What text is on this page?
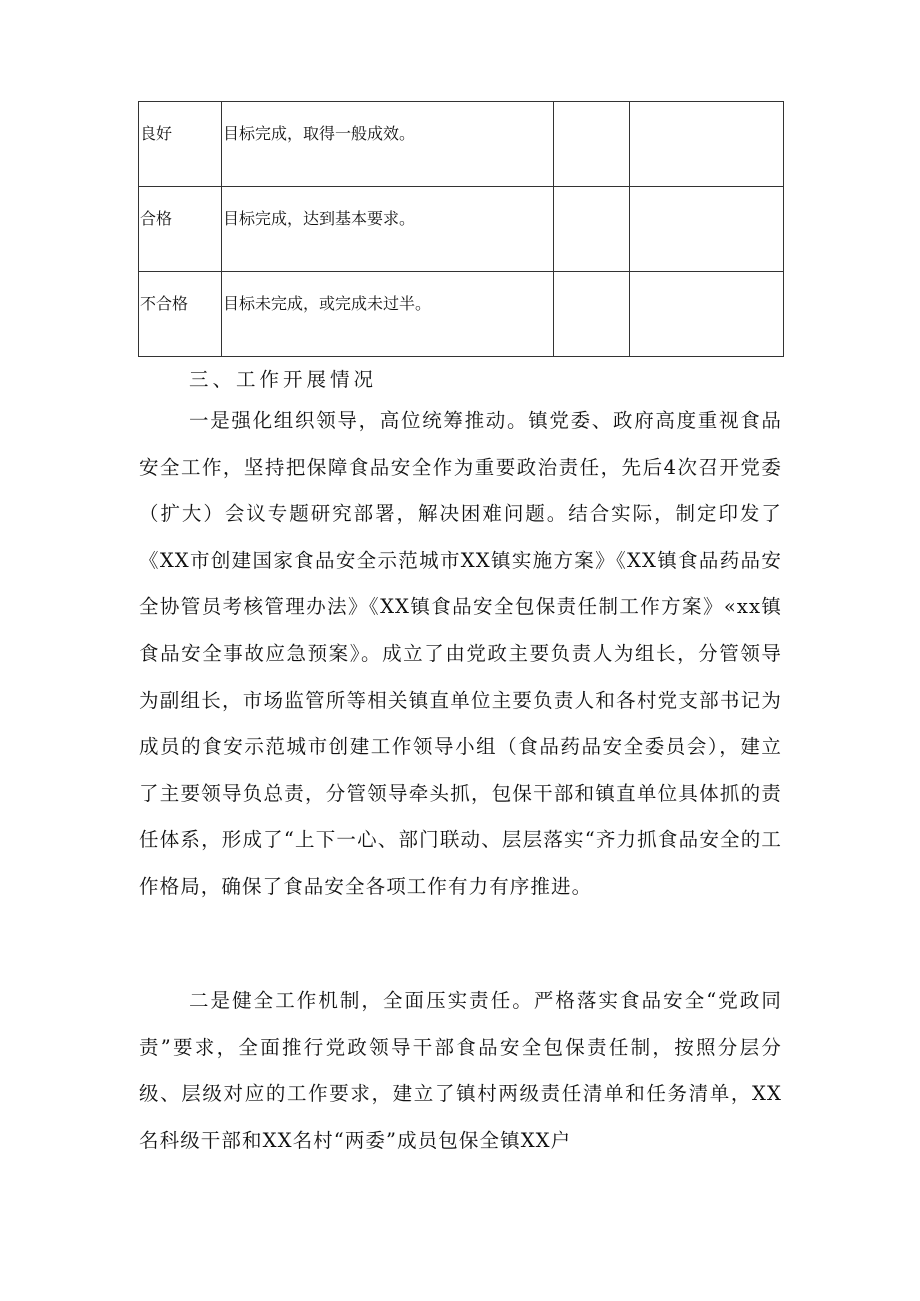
良好	目标完成，取得一般成效。		

合格	目标完成，达到基本要求。		

不合格	目标未完成，或完成未过半。		

三、工作开展情况

一是强化组织领导，高位统筹推动。镇党委、政府高度重视食品安全工作，坚持把保障食品安全作为重要政治责任，先后4次召开党委（扩大）会议专题研究部署，解决困难问题。结合实际，制定印发了《XX市创建国家食品安全示范城市XX镇实施方案》《XX镇食品药品安全协管员考核管理办法》《XX镇食品安全包保责任制工作方案》«xx镇食品安全事故应急预案》。成立了由党政主要负责人为组长，分管领导为副组长，市场监管所等相关镇直单位主要负责人和各村党支部书记为成员的食安示范城市创建工作领导小组（食品药品安全委员会），建立了主要领导负总责，分管领导牵头抓，包保干部和镇直单位具体抓的责任体系，形成了“上下一心、部门联动、层层落实“齐力抓食品安全的工作格局，确保了食品安全各项工作有力有序推进。

二是健全工作机制，全面压实责任。严格落实食品安全“党政同责”要求，全面推行党政领导干部食品安全包保责任制，按照分层分级、层级对应的工作要求，建立了镇村两级责任清单和任务清单，XX名科级干部和XX名村“两委”成员包保全镇XX户
